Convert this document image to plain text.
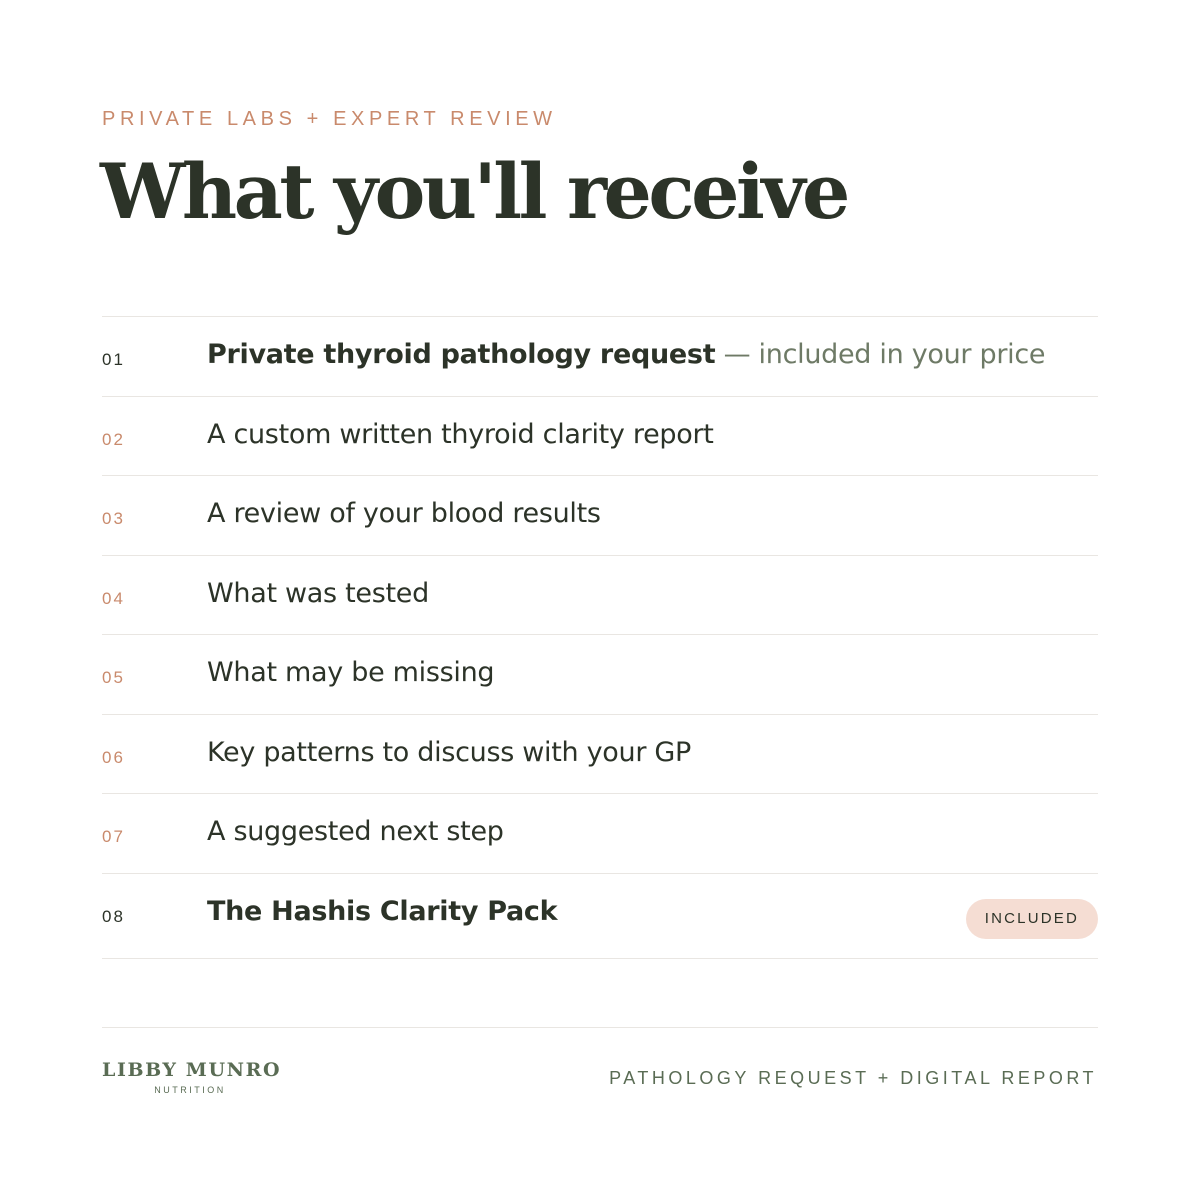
PRIVATE LABS + EXPERT REVIEW
What you'll receive
01	Private thyroid pathology request — included in your price
02	A custom written thyroid clarity report
03	A review of your blood results
04	What was tested
05	What may be missing
06	Key patterns to discuss with your GP
07	A suggested next step
08	The Hashis Clarity Pack	INCLUDED
LIBBY MUNRO
NUTRITION
PATHOLOGY REQUEST + DIGITAL REPORT
